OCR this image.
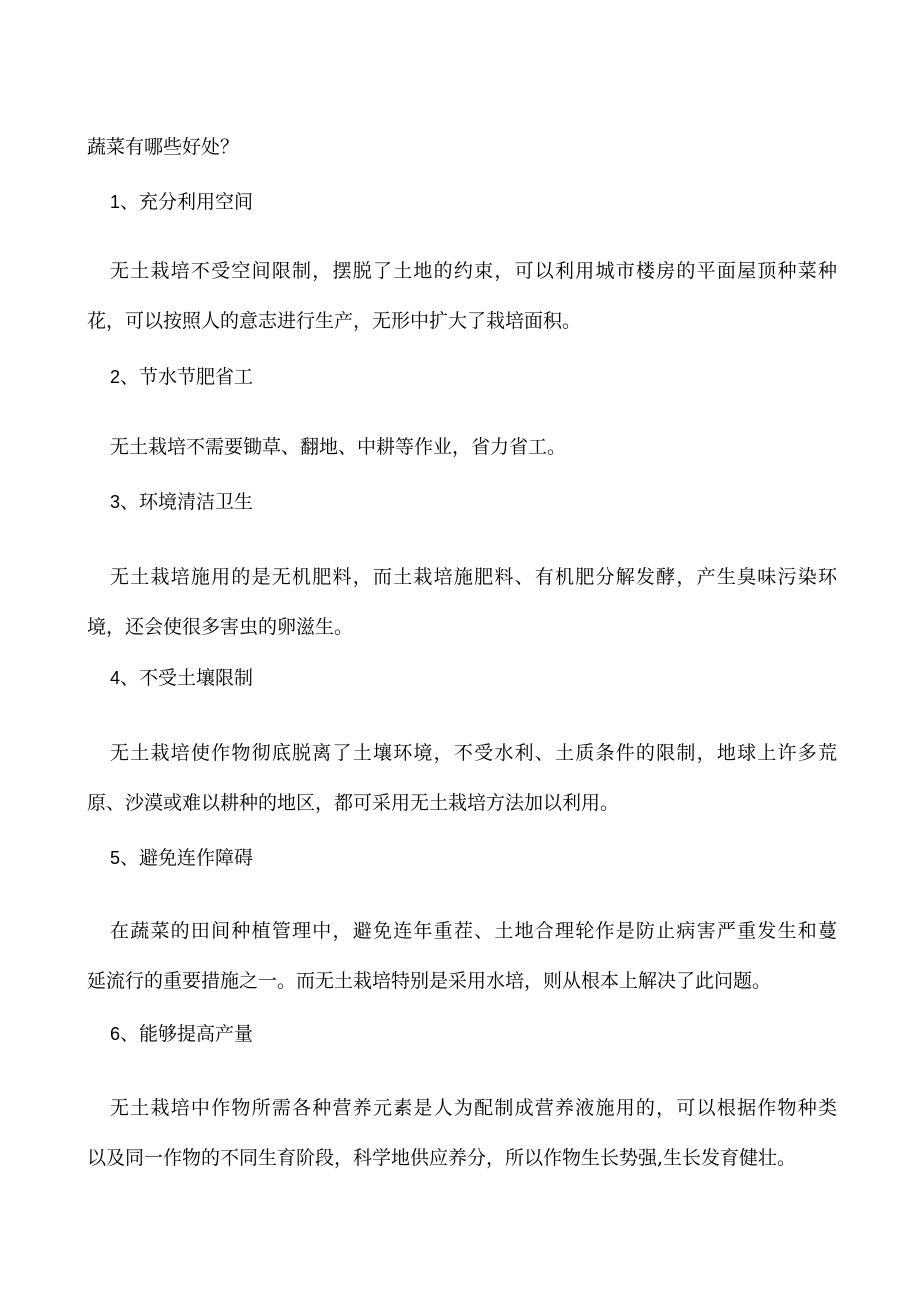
蔬菜有哪些好处？

1、充分利用空间

无土栽培不受空间限制，摆脱了土地的约束，可以利用城市楼房的平面屋顶种菜种
花，可以按照人的意志进行生产，无形中扩大了栽培面积。

2、节水节肥省工

无土栽培不需要锄草、翻地、中耕等作业，省力省工。

3、环境清洁卫生

无土栽培施用的是无机肥料，而土栽培施肥料、有机肥分解发酵，产生臭味污染环
境，还会使很多害虫的卵滋生。

4、不受土壤限制

无土栽培使作物彻底脱离了土壤环境，不受水利、土质条件的限制，地球上许多荒
原、沙漠或难以耕种的地区，都可采用无土栽培方法加以利用。

5、避免连作障碍

在蔬菜的田间种植管理中，避免连年重茬、土地合理轮作是防止病害严重发生和蔓
延流行的重要措施之一。而无土栽培特别是采用水培，则从根本上解决了此问题。

6、能够提高产量

无土栽培中作物所需各种营养元素是人为配制成营养液施用的，可以根据作物种类
以及同一作物的不同生育阶段，科学地供应养分，所以作物生长势强,生长发育健壮。
